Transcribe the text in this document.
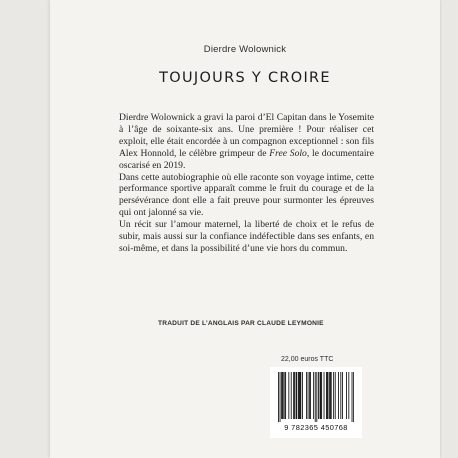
Dierdre Wolownick
TOUJOURS Y CROIRE

Dierdre Wolownick a gravi la paroi d’El Capitan dans le Yosemite à l’âge de soixante-six ans. Une première ! Pour réaliser cet exploit, elle était encordée à un compagnon exceptionnel : son fils Alex Honnold, le célèbre grimpeur de Free Solo, le documentaire oscarisé en 2019.

Dans cette autobiographie où elle raconte son voyage intime, cette performance sportive apparaît comme le fruit du courage et de la persévérance dont elle a fait preuve pour surmonter les épreuves qui ont jalonné sa vie.

Un récit sur l’amour maternel, la liberté de choix et le refus de subir, mais aussi sur la confiance indéfectible dans ses enfants, en soi-même, et dans la possibilité d’une vie hors du commun.

TRADUIT DE L’ANGLAIS PAR CLAUDE LEYMONIE
22,00 euros TTC
9 782365 450768
